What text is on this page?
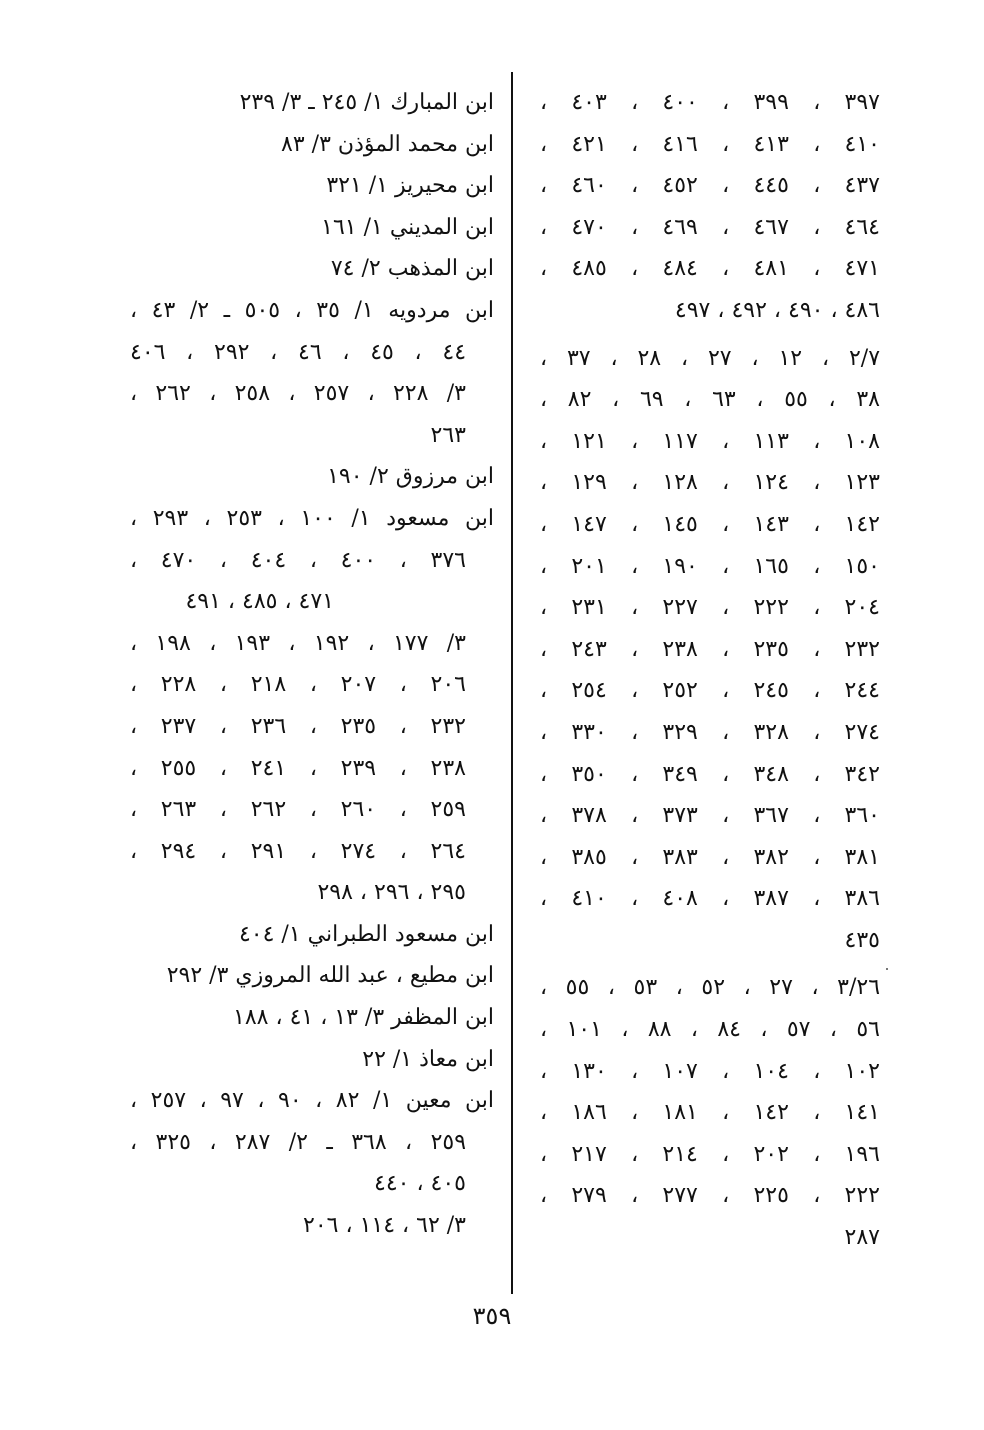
٣٩٧ ، ٣٩٩ ، ٤٠٠ ، ٤٠٣ ،
٤١٠ ، ٤١٣ ، ٤١٦ ، ٤٢١ ،
٤٣٧ ، ٤٤٥ ، ٤٥٢ ، ٤٦٠ ،
٤٦٤ ، ٤٦٧ ، ٤٦٩ ، ٤٧٠ ،
٤٧١ ، ٤٨١ ، ٤٨٤ ، ٤٨٥ ،
٤٨٦ ، ٤٩٠ ، ٤٩٢ ، ٤٩٧
٢/٧ ، ١٢ ، ٢٧ ، ٢٨ ، ٣٧ ،
٣٨ ، ٥٥ ، ٦٣ ، ٦٩ ، ٨٢ ،
١٠٨ ، ١١٣ ، ١١٧ ، ١٢١ ،
١٢٣ ، ١٢٤ ، ١٢٨ ، ١٢٩ ،
١٤٢ ، ١٤٣ ، ١٤٥ ، ١٤٧ ،
١٥٠ ، ١٦٥ ، ١٩٠ ، ٢٠١ ،
٢٠٤ ، ٢٢٢ ، ٢٢٧ ، ٢٣١ ،
٢٣٢ ، ٢٣٥ ، ٢٣٨ ، ٢٤٣ ،
٢٤٤ ، ٢٤٥ ، ٢٥٢ ، ٢٥٤ ،
٢٧٤ ، ٣٢٨ ، ٣٢٩ ، ٣٣٠ ،
٣٤٢ ، ٣٤٨ ، ٣٤٩ ، ٣٥٠ ،
٣٦٠ ، ٣٦٧ ، ٣٧٣ ، ٣٧٨ ،
٣٨١ ، ٣٨٢ ، ٣٨٣ ، ٣٨٥ ،
٣٨٦ ، ٣٨٧ ، ٤٠٨ ، ٤١٠ ،
٤٣٥
٣/٢٦ ، ٢٧ ، ٥٢ ، ٥٣ ، ٥٥ ،
٥٦ ، ٥٧ ، ٨٤ ، ٨٨ ، ١٠١ ،
١٠٢ ، ١٠٤ ، ١٠٧ ، ١٣٠ ،
١٤١ ، ١٤٢ ، ١٨١ ، ١٨٦ ،
١٩٦ ، ٢٠٢ ، ٢١٤ ، ٢١٧ ،
٢٢٢ ، ٢٢٥ ، ٢٧٧ ، ٢٧٩ ،
٢٨٧
ابن المبارك ١/ ٢٤٥ ـ ٣/ ٢٣٩
ابن محمد المؤذن ٣/ ٨٣
ابن محيريز ١/ ٣٢١
ابن المديني ١/ ١٦١
ابن المذهب ٢/ ٧٤
ابن مردويه ١/ ٣٥ ، ٥٠٥ ـ ٢/ ٤٣ ،
٤٤ ، ٤٥ ، ٤٦ ، ٢٩٢ ، ٤٠٦
٣/ ٢٢٨ ، ٢٥٧ ، ٢٥٨ ، ٢٦٢ ،
٢٦٣
ابن مرزوق ٢/ ١٩٠
ابن مسعود ١/ ١٠٠ ، ٢٥٣ ، ٢٩٣ ،
٣٧٦ ، ٤٠٠ ، ٤٠٤ ، ٤٧٠ ،
٤٧١ ، ٤٨٥ ، ٤٩١
٣/ ١٧٧ ، ١٩٢ ، ١٩٣ ، ١٩٨ ،
٢٠٦ ، ٢٠٧ ، ٢١٨ ، ٢٢٨ ،
٢٣٢ ، ٢٣٥ ، ٢٣٦ ، ٢٣٧ ،
٢٣٨ ، ٢٣٩ ، ٢٤١ ، ٢٥٥ ،
٢٥٩ ، ٢٦٠ ، ٢٦٢ ، ٢٦٣ ،
٢٦٤ ، ٢٧٤ ، ٢٩١ ، ٢٩٤ ،
٢٩٥ ، ٢٩٦ ، ٢٩٨
ابن مسعود الطبراني ١/ ٤٠٤
ابن مطيع ، عبد الله المروزي ٣/ ٢٩٢
ابن المظفر ٣/ ١٣ ، ٤١ ، ١٨٨
ابن معاذ ١/ ٢٢
ابن معين ١/ ٨٢ ، ٩٠ ، ٩٧ ، ٢٥٧ ،
٢٥٩ ، ٣٦٨ ـ ٢/ ٢٨٧ ، ٣٢٥ ،
٤٠٥ ، ٤٤٠
٣/ ٦٢ ، ١١٤ ، ٢٠٦
٣٥٩
